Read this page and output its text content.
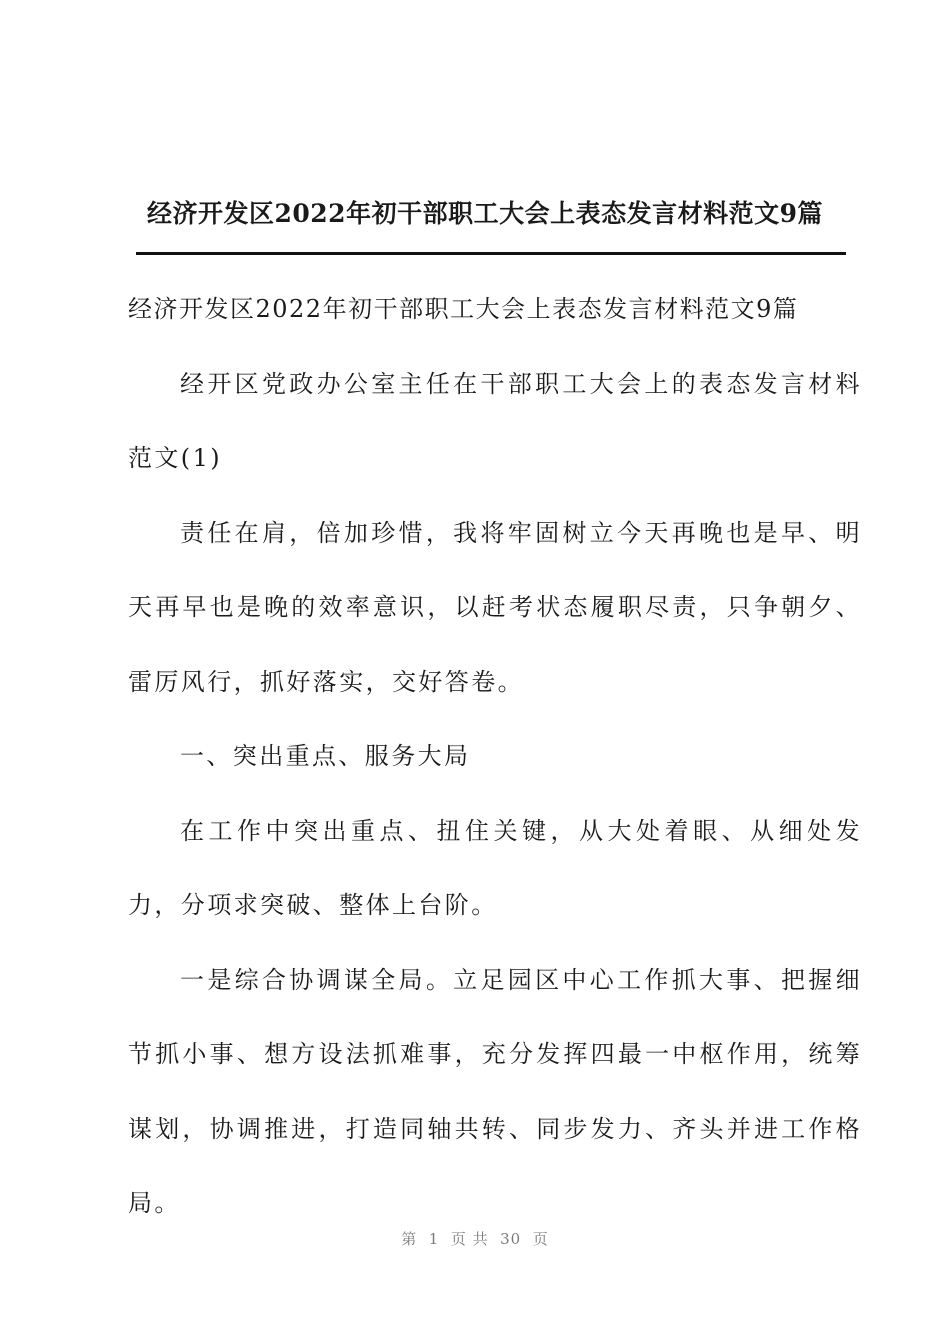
经济开发区2022年初干部职工大会上表态发言材料范文9篇

经济开发区2022年初干部职工大会上表态发言材料范文9篇

经开区党政办公室主任在干部职工大会上的表态发言材料范文(1)

责任在肩，倍加珍惜，我将牢固树立今天再晚也是早、明天再早也是晚的效率意识，以赶考状态履职尽责，只争朝夕、雷厉风行，抓好落实，交好答卷。

一、突出重点、服务大局

在工作中突出重点、扭住关键，从大处着眼、从细处发力，分项求突破、整体上台阶。

一是综合协调谋全局。立足园区中心工作抓大事、把握细节抓小事、想方设法抓难事，充分发挥四最一中枢作用，统筹谋划，协调推进，打造同轴共转、同步发力、齐头并进工作格局。

第  1  页 共  30  页
